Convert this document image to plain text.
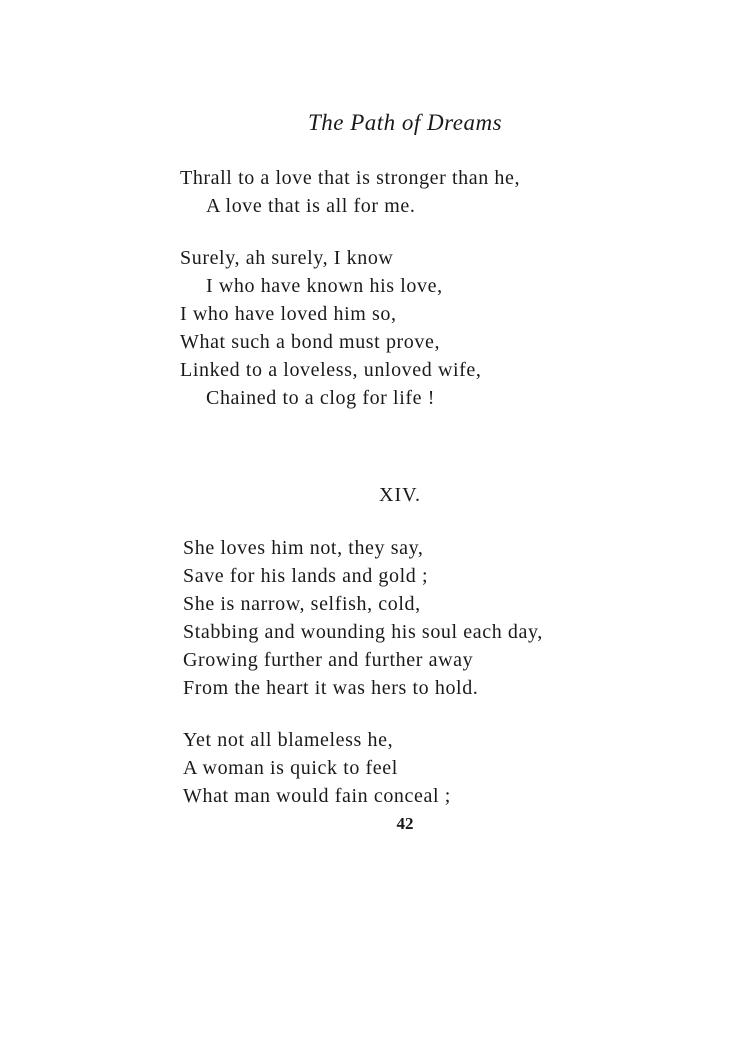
The Path of Dreams
Thrall to a love that is stronger than he,
A love that is all for me.
Surely, ah surely, I know
I who have known his love,
I who have loved him so,
What such a bond must prove,
Linked to a loveless, unloved wife,
Chained to a clog for life !
XIV.
She loves him not, they say,
Save for his lands and gold ;
She is narrow, selfish, cold,
Stabbing and wounding his soul each day,
Growing further and further away
From the heart it was hers to hold.
Yet not all blameless he,
A woman is quick to feel
What man would fain conceal ;
42
